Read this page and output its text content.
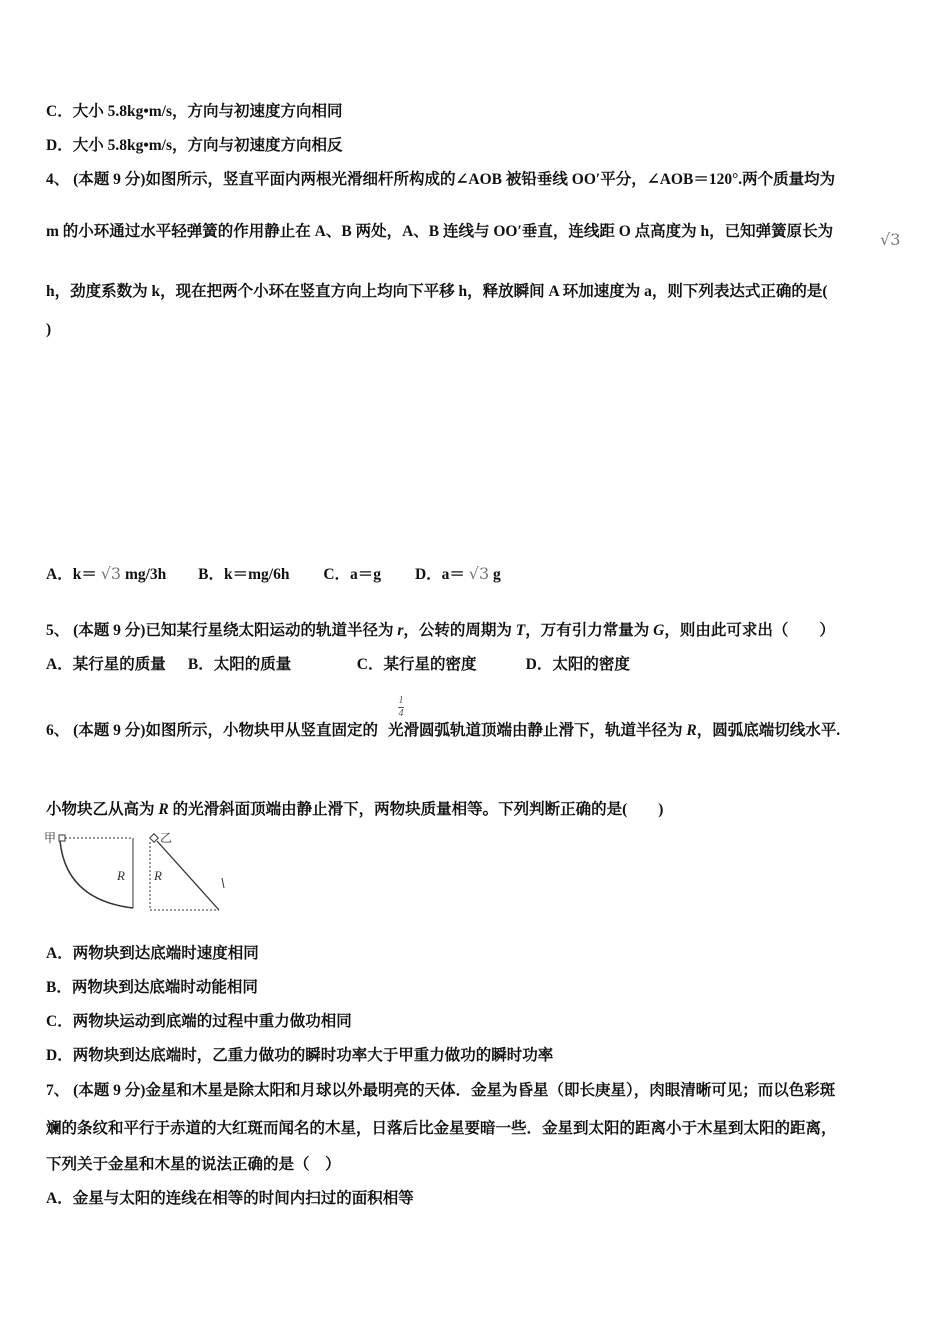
C．大小 5.8kg•m/s，方向与初速度方向相同
D．大小 5.8kg•m/s，方向与初速度方向相反
4、 (本题 9 分)如图所示，竖直平面内两根光滑细杆所构成的∠AOB 被铅垂线 OO′平分，∠AOB＝120°.两个质量均为
m 的小环通过水平轻弹簧的作用静止在 A、B 两处，A、B 连线与 OO′垂直，连线距 O 点高度为 h，已知弹簧原长为	√3
h，劲度系数为 k，现在把两个小环在竖直方向上均向下平移 h，释放瞬间 A 环加速度为 a，则下列表达式正确的是(
)
A．k＝ √3 mg/3h B．k＝mg/6h C．a＝g D．a＝ √3 g
5、 (本题 9 分)已知某行星绕太阳运动的轨道半径为 r，公转的周期为 T，万有引力常量为 G，则由此可求出（　　）
A．某行星的质量 B．太阳的质量	C．某行星的密度	D．太阳的密度
1
4
6、 (本题 9 分)如图所示，小物块甲从竖直固定的 光滑圆弧轨道顶端由静止滑下，轨道半径为 R，圆弧底端切线水平.
小物块乙从高为 R 的光滑斜面顶端由静止滑下，两物块质量相等。下列判断正确的是(　　)
甲
R
乙
R
A．两物块到达底端时速度相同
B．两物块到达底端时动能相同
C．两物块运动到底端的过程中重力做功相同
D．两物块到达底端时，乙重力做功的瞬时功率大于甲重力做功的瞬时功率
7、 (本题 9 分)金星和木星是除太阳和月球以外最明亮的天体．金星为昏星（即长庚星），肉眼清晰可见；而以色彩斑
斓的条纹和平行于赤道的大红斑而闻名的木星，日落后比金星要暗一些．金星到太阳的距离小于木星到太阳的距离，
下列关于金星和木星的说法正确的是（　）
A．金星与太阳的连线在相等的时间内扫过的面积相等
